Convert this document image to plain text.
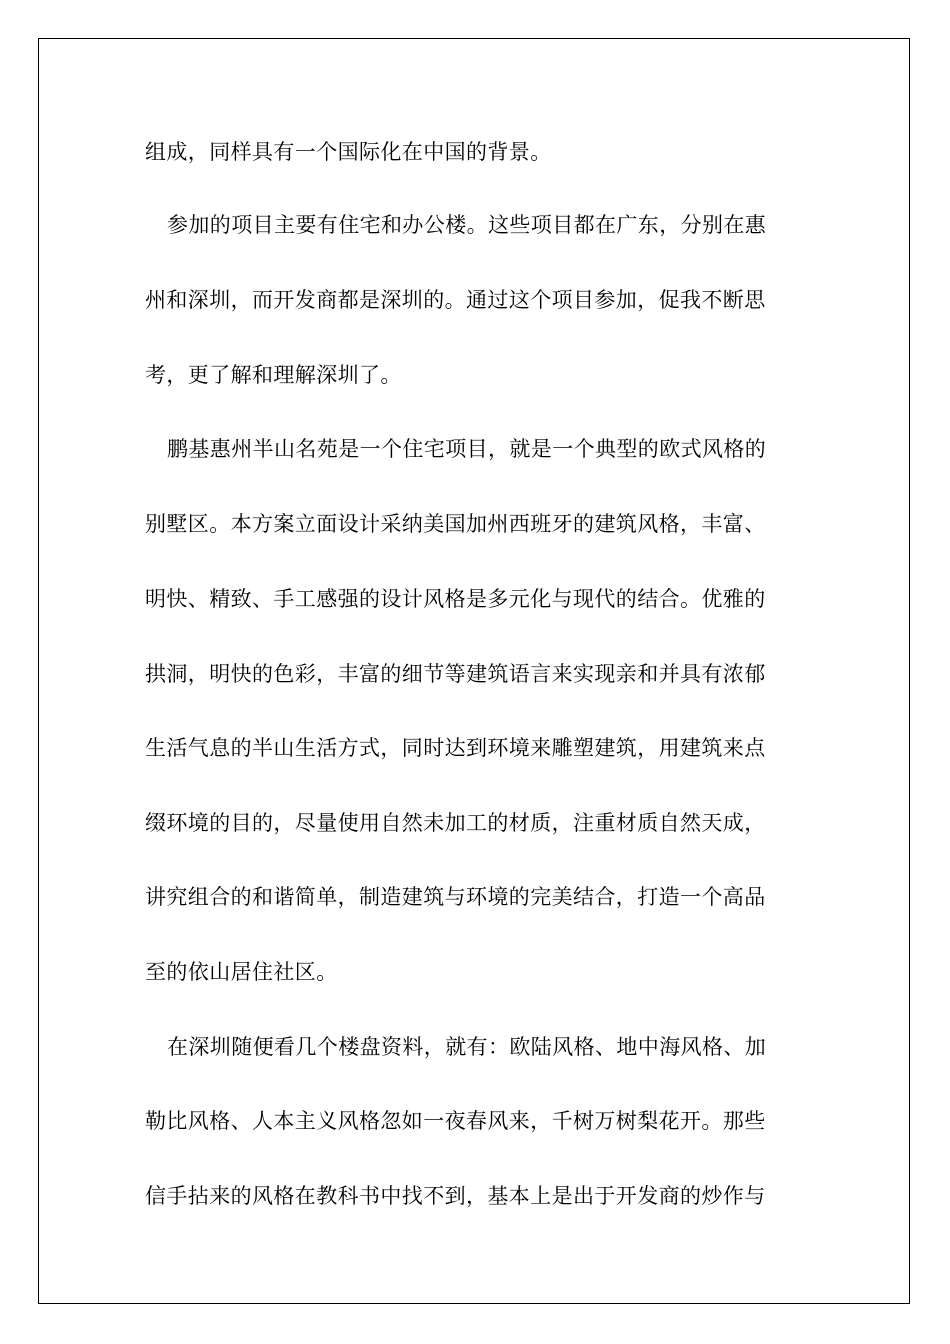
组成，同样具有一个国际化在中国的背景。
参加的项目主要有住宅和办公楼。这些项目都在广东，分别在惠
州和深圳，而开发商都是深圳的。通过这个项目参加，促我不断思
考，更了解和理解深圳了。
鹏基惠州半山名苑是一个住宅项目，就是一个典型的欧式风格的
别墅区。本方案立面设计采纳美国加州西班牙的建筑风格，丰富、
明快、精致、手工感强的设计风格是多元化与现代的结合。优雅的
拱洞，明快的色彩，丰富的细节等建筑语言来实现亲和并具有浓郁
生活气息的半山生活方式，同时达到环境来雕塑建筑，用建筑来点
缀环境的目的，尽量使用自然未加工的材质，注重材质自然天成，
讲究组合的和谐简单，制造建筑与环境的完美结合，打造一个高品
至的依山居住社区。
在深圳随便看几个楼盘资料，就有：欧陆风格、地中海风格、加
勒比风格、人本主义风格忽如一夜春风来，千树万树梨花开。那些
信手拈来的风格在教科书中找不到，基本上是出于开发商的炒作与
